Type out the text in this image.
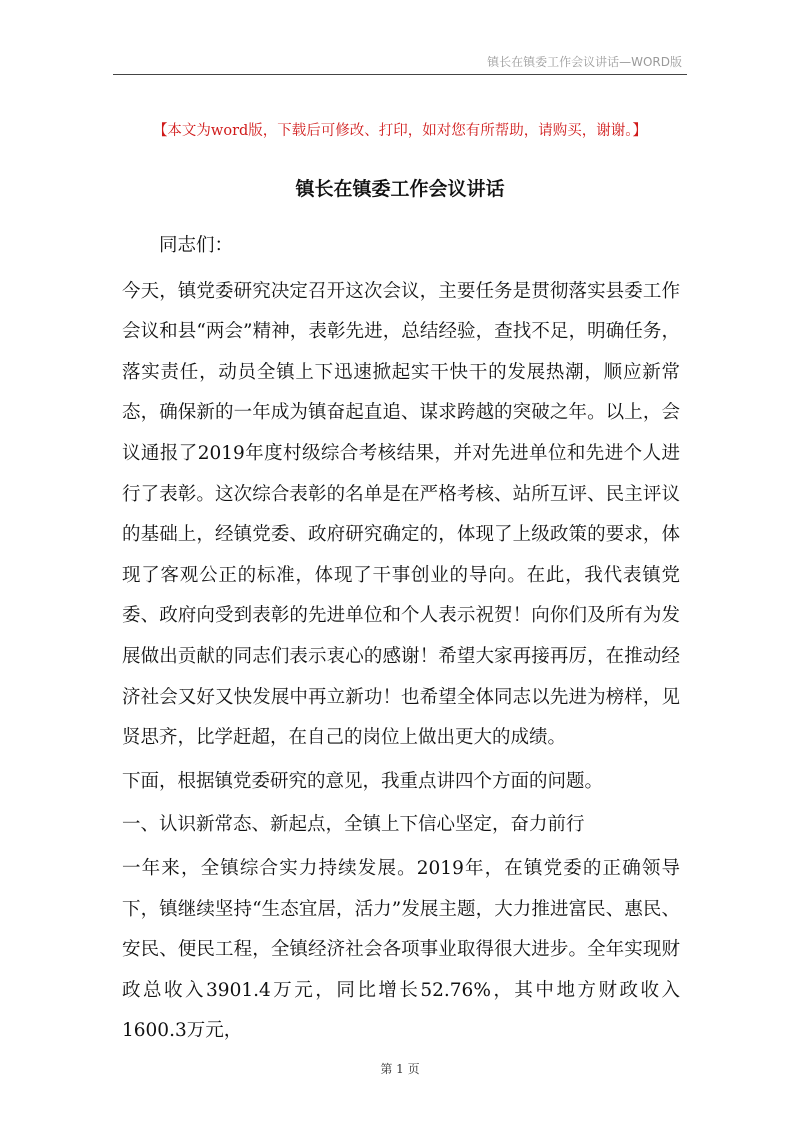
镇长在镇委工作会议讲话—WORD版
【本文为word版，下载后可修改、打印，如对您有所帮助，请购买，谢谢。】
镇长在镇委工作会议讲话

同志们：

今天，镇党委研究决定召开这次会议，主要任务是贯彻落实县委工作会议和县“两会”精神，表彰先进，总结经验，查找不足，明确任务，落实责任，动员全镇上下迅速掀起实干快干的发展热潮，顺应新常态，确保新的一年成为镇奋起直追、谋求跨越的突破之年。以上，会议通报了2019年度村级综合考核结果，并对先进单位和先进个人进行了表彰。这次综合表彰的名单是在严格考核、站所互评、民主评议的基础上，经镇党委、政府研究确定的，体现了上级政策的要求，体现了客观公正的标准，体现了干事创业的导向。在此，我代表镇党委、政府向受到表彰的先进单位和个人表示祝贺！向你们及所有为发展做出贡献的同志们表示衷心的感谢！希望大家再接再厉，在推动经济社会又好又快发展中再立新功！也希望全体同志以先进为榜样，见贤思齐，比学赶超，在自己的岗位上做出更大的成绩。

下面，根据镇党委研究的意见，我重点讲四个方面的问题。

一、认识新常态、新起点，全镇上下信心坚定，奋力前行

一年来，全镇综合实力持续发展。2019年，在镇党委的正确领导下，镇继续坚持“生态宜居，活力”发展主题，大力推进富民、惠民、安民、便民工程，全镇经济社会各项事业取得很大进步。全年实现财政总收入3901.4万元，同比增长52.76%，其中地方财政收入1600.3万元，

第 1 页
